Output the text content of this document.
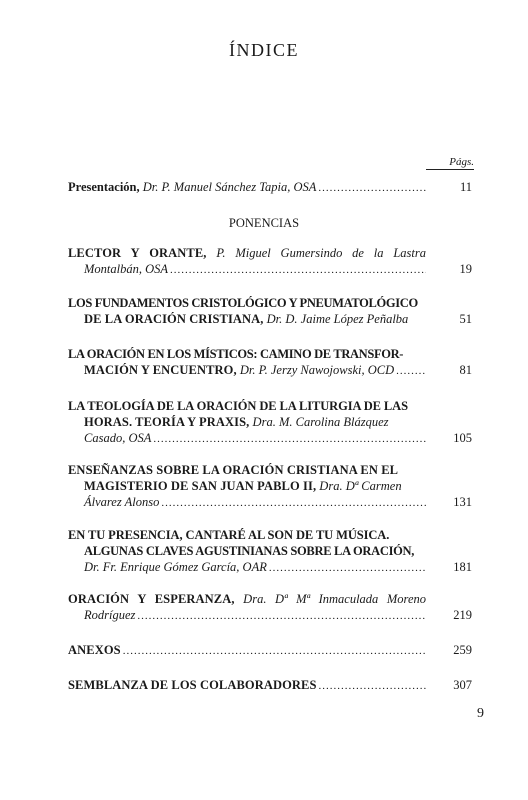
ÍNDICE
Págs.
Presentación,
Dr. P. Manuel Sánchez Tapia, OSA .....	11
PONENCIAS
LECTOR Y ORANTE, P. Miguel Gumersindo de la Lastra
Montalbán, OSA .....	19
LOS FUNDAMENTOS CRISTOLÓGICO Y PNEUMATOLÓGICO
DE LA ORACIÓN CRISTIANA, Dr. D. Jaime López Peñalba	51
LA ORACIÓN EN LOS MÍSTICOS: CAMINO DE TRANSFOR-
MACIÓN Y ENCUENTRO,
Dr. P. Jerzy Nawojowski, OCD .....	81
LA TEOLOGÍA DE LA ORACIÓN DE LA LITURGIA DE LAS
HORAS. TEORÍA Y PRAXIS, Dra. M. Carolina Blázquez
Casado, OSA .....	105
ENSEÑANZAS SOBRE LA ORACIÓN CRISTIANA EN EL
MAGISTERIO DE SAN JUAN PABLO II, Dra. Dª Carmen
Álvarez Alonso .....	131
EN TU PRESENCIA, CANTARÉ AL SON DE TU MÚSICA.
ALGUNAS CLAVES AGUSTINIANAS SOBRE LA ORACIÓN,
Dr. Fr. Enrique Gómez García, OAR .....	181
ORACIÓN Y ESPERANZA, Dra. Dª Mª Inmaculada Moreno
Rodríguez .....	219
ANEXOS .....	259
SEMBLANZA DE LOS COLABORADORES .....	307
9
